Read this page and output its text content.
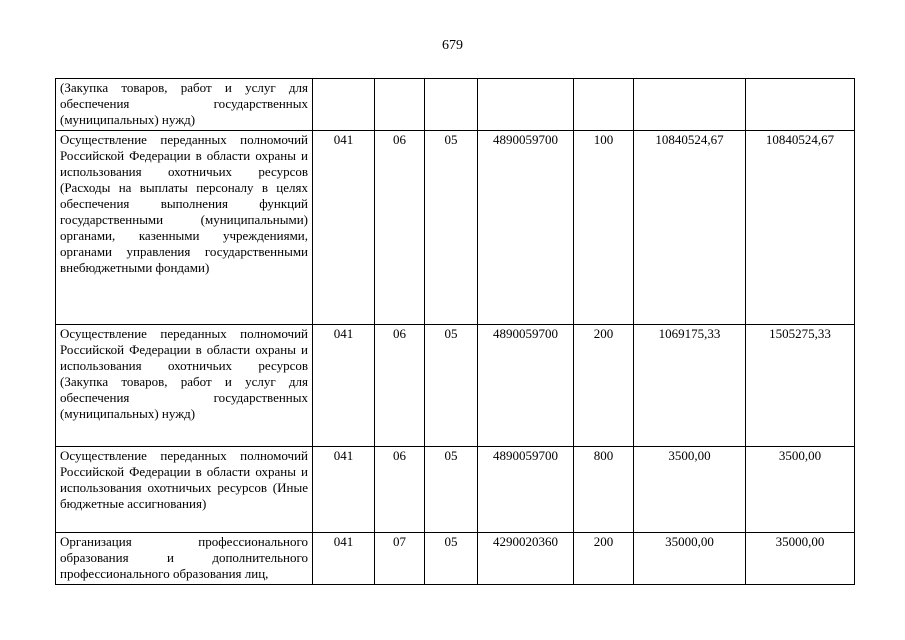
679
(Закупка товаров, работ и услуг для обеспечения государственных (муниципальных) нужд)							
Осуществление переданных полномочий Российской Федерации в области охраны и использования охотничьих ресурсов (Расходы на выплаты персоналу в целях обеспечения выполнения функций государственными (муниципальными) органами, казенными учреждениями, органами управления государственными внебюджетными фондами)	041	06	05	4890059700	100	10840524,67	10840524,67
Осуществление переданных полномочий Российской Федерации в области охраны и использования охотничьих ресурсов (Закупка товаров, работ и услуг для обеспечения государственных (муниципальных) нужд)	041	06	05	4890059700	200	1069175,33	1505275,33
Осуществление переданных полномочий Российской Федерации в области охраны и использования охотничьих ресурсов (Иные бюджетные ассигнования)	041	06	05	4890059700	800	3500,00	3500,00
Организация профессионального образования и дополнительного профессионального образования лиц,	041	07	05	4290020360	200	35000,00	35000,00
